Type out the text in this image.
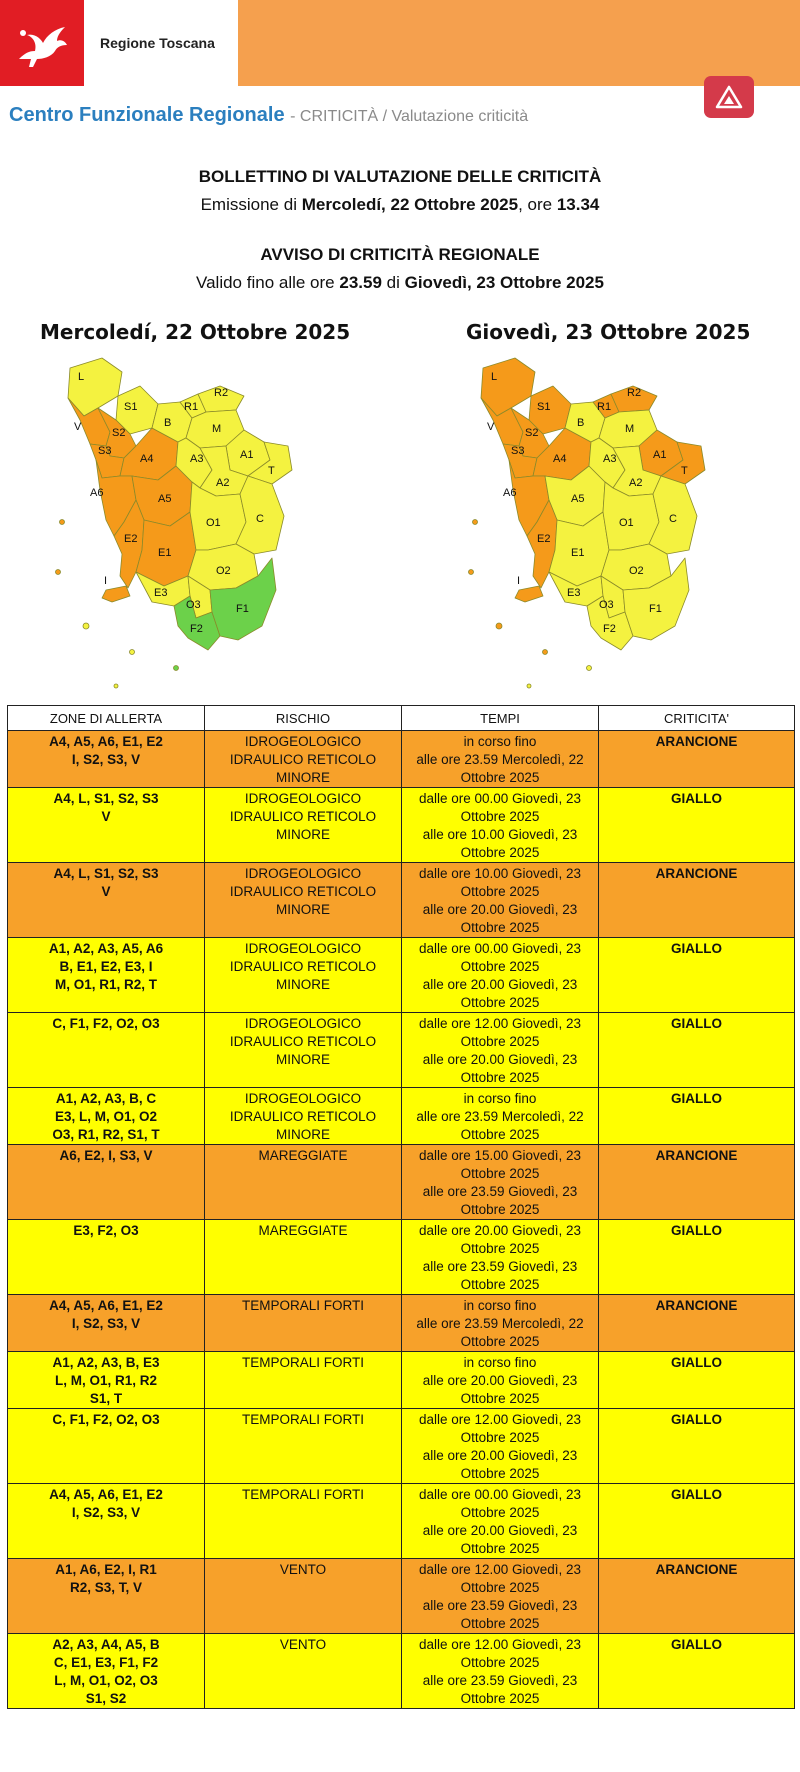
Regione Toscana
Centro Funzionale Regionale - CRITICITÀ / Valutazione criticità
BOLLETTINO DI VALUTAZIONE DELLE CRITICITÀ
Emissione di Mercoledí, 22 Ottobre 2025, ore 13.34
AVVISO DI CRITICITÀ REGIONALE
Valido fino alle ore 23.59 di Giovedì, 23 Ottobre 2025
Mercoledí, 22 Ottobre 2025	Giovedì, 23 Ottobre 2025
L
V
S1
S2
S3
A4
A6	A5
E2
E1
I
E3
O3
F2
F1
O2
O1	C
A2
A3	A1
T
B
R1
M
R2
L
V
S1
S2
S3
A4
A6	A5
E2
E1
I
E3
O3
F2
F1
O2
O1	C
A2
A3	A1
T
B
R1
M
R2
ZONE DI ALLERTA	RISCHIO	TEMPI	CRITICITA'

A4, A5, A6, E1, E2
I, S2, S3, V	IDROGEOLOGICO
IDRAULICO RETICOLO
MINORE	in corso fino
alle ore 23.59 Mercoledì, 22
Ottobre 2025	ARANCIONE

A4, L, S1, S2, S3
V	IDROGEOLOGICO
IDRAULICO RETICOLO
MINORE	dalle ore 00.00 Giovedì, 23
Ottobre 2025
alle ore 10.00 Giovedì, 23
Ottobre 2025	GIALLO

A4, L, S1, S2, S3
V	IDROGEOLOGICO
IDRAULICO RETICOLO
MINORE	dalle ore 10.00 Giovedì, 23
Ottobre 2025
alle ore 20.00 Giovedì, 23
Ottobre 2025	ARANCIONE

A1, A2, A3, A5, A6
B, E1, E2, E3, I
M, O1, R1, R2, T	IDROGEOLOGICO
IDRAULICO RETICOLO
MINORE	dalle ore 00.00 Giovedì, 23
Ottobre 2025
alle ore 20.00 Giovedì, 23
Ottobre 2025	GIALLO

C, F1, F2, O2, O3	IDROGEOLOGICO
IDRAULICO RETICOLO
MINORE	dalle ore 12.00 Giovedì, 23
Ottobre 2025
alle ore 20.00 Giovedì, 23
Ottobre 2025	GIALLO

A1, A2, A3, B, C
E3, L, M, O1, O2
O3, R1, R2, S1, T	IDROGEOLOGICO
IDRAULICO RETICOLO
MINORE	in corso fino
alle ore 23.59 Mercoledì, 22
Ottobre 2025	GIALLO

A6, E2, I, S3, V	MAREGGIATE	dalle ore 15.00 Giovedì, 23
Ottobre 2025
alle ore 23.59 Giovedì, 23
Ottobre 2025	ARANCIONE

E3, F2, O3	MAREGGIATE	dalle ore 20.00 Giovedì, 23
Ottobre 2025
alle ore 23.59 Giovedì, 23
Ottobre 2025	GIALLO

A4, A5, A6, E1, E2
I, S2, S3, V	TEMPORALI FORTI	in corso fino
alle ore 23.59 Mercoledì, 22
Ottobre 2025	ARANCIONE

A1, A2, A3, B, E3
L, M, O1, R1, R2
S1, T	TEMPORALI FORTI	in corso fino
alle ore 20.00 Giovedì, 23
Ottobre 2025	GIALLO

C, F1, F2, O2, O3	TEMPORALI FORTI	dalle ore 12.00 Giovedì, 23
Ottobre 2025
alle ore 20.00 Giovedì, 23
Ottobre 2025	GIALLO

A4, A5, A6, E1, E2
I, S2, S3, V	TEMPORALI FORTI	dalle ore 00.00 Giovedì, 23
Ottobre 2025
alle ore 20.00 Giovedì, 23
Ottobre 2025	GIALLO

A1, A6, E2, I, R1
R2, S3, T, V	VENTO	dalle ore 12.00 Giovedì, 23
Ottobre 2025
alle ore 23.59 Giovedì, 23
Ottobre 2025	ARANCIONE

A2, A3, A4, A5, B
C, E1, E3, F1, F2
L, M, O1, O2, O3
S1, S2	VENTO	dalle ore 12.00 Giovedì, 23
Ottobre 2025
alle ore 23.59 Giovedì, 23
Ottobre 2025	GIALLO
